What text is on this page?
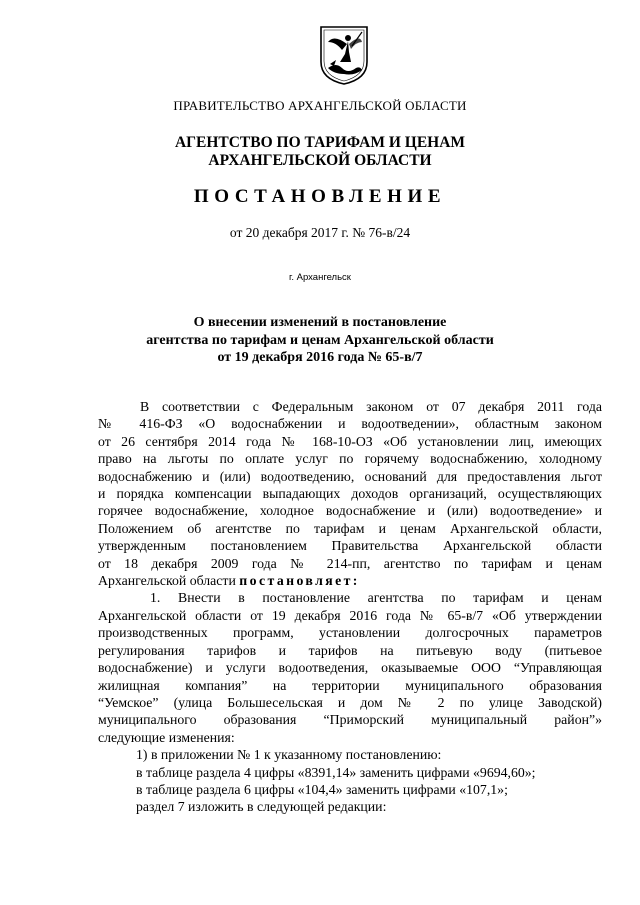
ПРАВИТЕЛЬСТВО АРХАНГЕЛЬСКОЙ ОБЛАСТИ
АГЕНТСТВО ПО ТАРИФАМ И ЦЕНАМ
АРХАНГЕЛЬСКОЙ ОБЛАСТИ
ПОСТАНОВЛЕНИЕ
от 20 декабря 2017 г. № 76-в/24
г. Архангельск
О внесении изменений в постановление
агентства по тарифам и ценам Архангельской области
от 19 декабря 2016 года № 65-в/7

В соответствии с Федеральным законом от 07 декабря 2011 года

№ 416-ФЗ «О водоснабжении и водоотведении», областным законом

от 26 сентября 2014 года № 168-10-ОЗ «Об установлении лиц, имеющих

право на льготы по оплате услуг по горячему водоснабжению, холодному

водоснабжению и (или) водоотведению, оснований для предоставления льгот

и порядка компенсации выпадающих доходов организаций, осуществляющих

горячее водоснабжение, холодное водоснабжение и (или) водоотведение» и

Положением об агентстве по тарифам и ценам Архангельской области,

утвержденным постановлением Правительства Архангельской области

от 18 декабря 2009 года № 214-пп, агентство по тарифам и ценам

Архангельской области постановляет:

1. Внести в постановление агентства по тарифам и ценам

Архангельской области от 19 декабря 2016 года № 65-в/7 «Об утверждении

производственных программ, установлении долгосрочных параметров

регулирования тарифов и тарифов на питьевую воду (питьевое

водоснабжение) и услуги водоотведения, оказываемые ООО “Управляющая

жилищная компания” на территории муниципального образования

“Уемское” (улица Большесельская и дом № 2 по улице Заводской)

муниципального образования “Приморский муниципальный район”»

следующие изменения:

1) в приложении № 1 к указанному постановлению:

в таблице раздела 4 цифры «8391,14» заменить цифрами «9694,60»;

в таблице раздела 6 цифры «104,4» заменить цифрами «107,1»;

раздел 7 изложить в следующей редакции:
